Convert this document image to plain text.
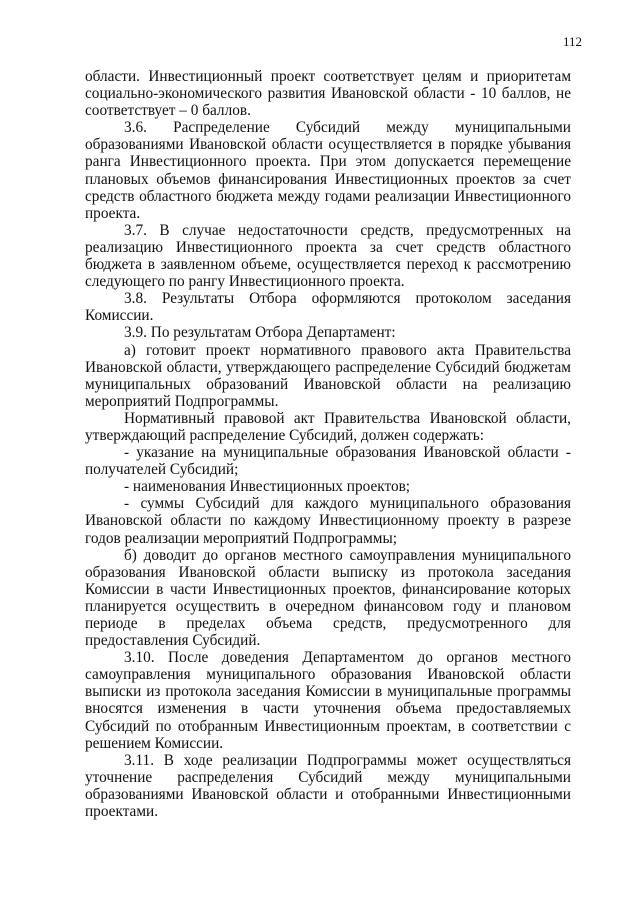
112

области. Инвестиционный проект соответствует целям и приоритетам социально-экономического развития Ивановской области - 10 баллов, не соответствует – 0 баллов.

3.6. Распределение Субсидий между муниципальными образованиями Ивановской области осуществляется в порядке убывания ранга Инвестиционного проекта. При этом допускается перемещение плановых объемов финансирования Инвестиционных проектов за счет средств областного бюджета между годами реализации Инвестиционного проекта.

3.7. В случае недостаточности средств, предусмотренных на реализацию Инвестиционного проекта за счет средств областного бюджета в заявленном объеме, осуществляется переход к рассмотрению следующего по рангу Инвестиционного проекта.

3.8. Результаты Отбора оформляются протоколом заседания Комиссии.

3.9. По результатам Отбора Департамент:

а) готовит проект нормативного правового акта Правительства Ивановской области, утверждающего распределение Субсидий бюджетам муниципальных образований Ивановской области на реализацию мероприятий Подпрограммы.

Нормативный правовой акт Правительства Ивановской области, утверждающий распределение Субсидий, должен содержать:

- указание на муниципальные образования Ивановской области - получателей Субсидий;

- наименования Инвестиционных проектов;

- суммы Субсидий для каждого муниципального образования Ивановской области по каждому Инвестиционному проекту в разрезе годов реализации мероприятий Подпрограммы;

б) доводит до органов местного самоуправления муниципального образования Ивановской области выписку из протокола заседания Комиссии в части Инвестиционных проектов, финансирование которых планируется осуществить в очередном финансовом году и плановом периоде в пределах объема средств, предусмотренного для предоставления Субсидий.

3.10. После доведения Департаментом до органов местного самоуправления муниципального образования Ивановской области выписки из протокола заседания Комиссии в муниципальные программы вносятся изменения в части уточнения объема предоставляемых Субсидий по отобранным Инвестиционным проектам, в соответствии с решением Комиссии.

3.11. В ходе реализации Подпрограммы может осуществляться уточнение распределения Субсидий между муниципальными образованиями Ивановской области и отобранными Инвестиционными проектами.
